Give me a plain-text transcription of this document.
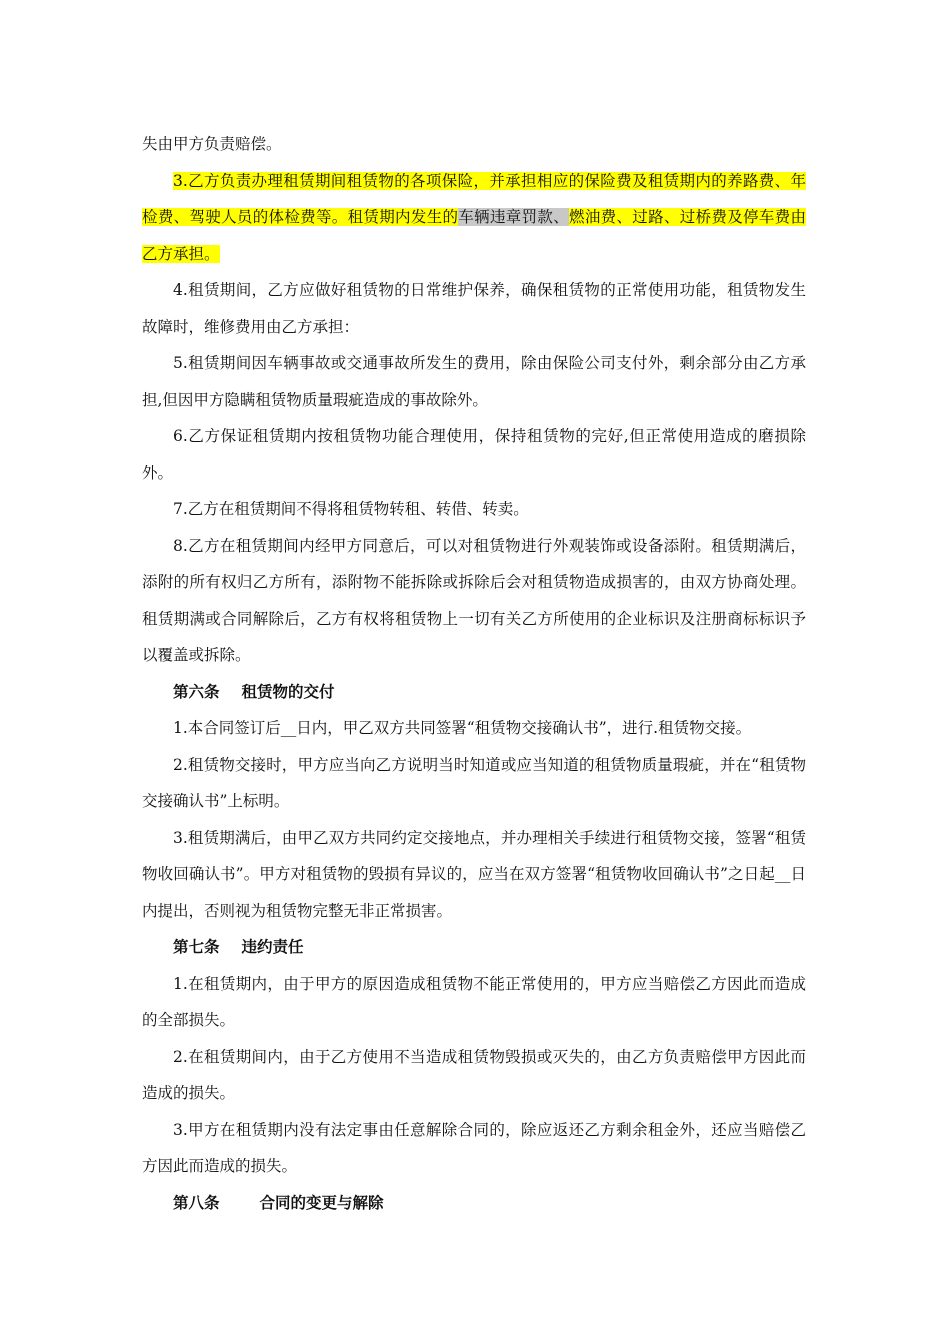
失由甲方负责赔偿。

3.乙方负责办理租赁期间租赁物的各项保险，并承担相应的保险费及租赁期内的养路费、年检费、驾驶人员的体检费等。租赁期内发生的车辆违章罚款、燃油费、过路、过桥费及停车费由乙方承担。

4.租赁期间，乙方应做好租赁物的日常维护保养，确保租赁物的正常使用功能，租赁物发生故障时，维修费用由乙方承担：

5.租赁期间因车辆事故或交通事故所发生的费用，除由保险公司支付外，剩余部分由乙方承担,但因甲方隐瞒租赁物质量瑕疵造成的事故除外。

6.乙方保证租赁期内按租赁物功能合理使用，保持租赁物的完好,但正常使用造成的磨损除外。

7.乙方在租赁期间不得将租赁物转租、转借、转卖。

8.乙方在租赁期间内经甲方同意后，可以对租赁物进行外观装饰或设备添附。租赁期满后，添附的所有权归乙方所有，添附物不能拆除或拆除后会对租赁物造成损害的，由双方协商处理。租赁期满或合同解除后，乙方有权将租赁物上一切有关乙方所使用的企业标识及注册商标标识予以覆盖或拆除。

第六条 租赁物的交付

1.本合同签订后__日内，甲乙双方共同签署“租赁物交接确认书”，进行.租赁物交接。

2.租赁物交接时，甲方应当向乙方说明当时知道或应当知道的租赁物质量瑕疵，并在“租赁物交接确认书”上标明。

3.租赁期满后，由甲乙双方共同约定交接地点，并办理相关手续进行租赁物交接，签署“租赁物收回确认书”。甲方对租赁物的毁损有异议的，应当在双方签署“租赁物收回确认书”之日起__日内提出，否则视为租赁物完整无非正常损害。

第七条 违约责任

1.在租赁期内，由于甲方的原因造成租赁物不能正常使用的，甲方应当赔偿乙方因此而造成的全部损失。

2.在租赁期间内，由于乙方使用不当造成租赁物毁损或灭失的，由乙方负责赔偿甲方因此而造成的损失。

3.甲方在租赁期内没有法定事由任意解除合同的，除应返还乙方剩余租金外，还应当赔偿乙方因此而造成的损失。

第八条	合同的变更与解除
